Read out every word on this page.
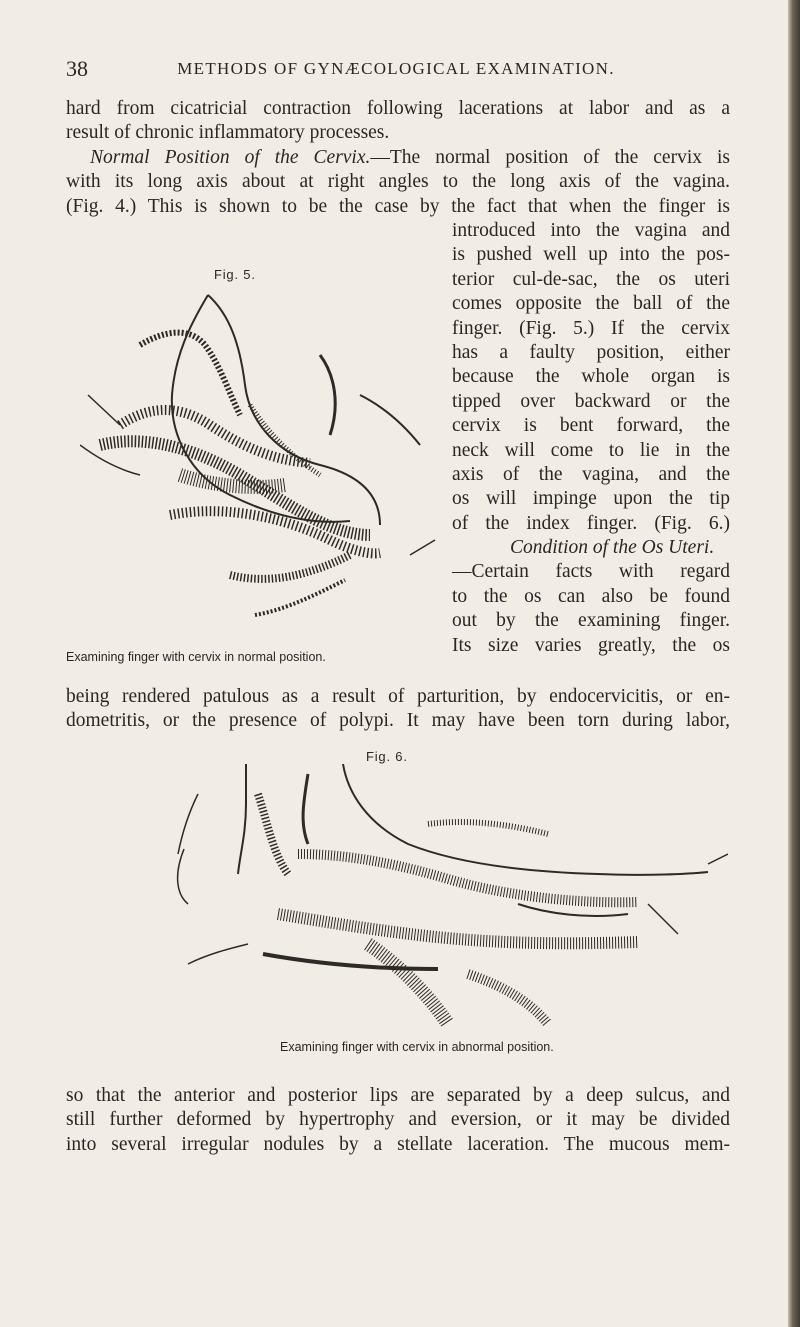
38	METHODS OF GYNÆCOLOGICAL EXAMINATION.
hard from cicatricial contraction following lacerations at labor and as a
result of chronic inflammatory processes.
Normal Position of the Cervix.—The normal position of the cervix is
with its long axis about at right angles to the long axis of the vagina.
(Fig. 4.) This is shown to be the case by the fact that when the finger is
introduced into the vagina and
is pushed well up into the pos-
terior cul-de-sac, the os uteri
comes opposite the ball of the
finger. (Fig. 5.) If the cervix
has a faulty position, either
because the whole organ is
tipped over backward or the
cervix is bent forward, the
neck will come to lie in the
axis of the vagina, and the
os will impinge upon the tip
of the index finger. (Fig. 6.)
Condition of the Os Uteri.
—Certain facts with regard
to the os can also be found
out by the examining finger.
Its size varies greatly, the os
being rendered patulous as a result of parturition, by endocervicitis, or en-
dometritis, or the presence of polypi. It may have been torn during labor,
Fig. 5.
Examining finger with cervix in normal position.
Fig. 6.
Examining finger with cervix in abnormal position.
so that the anterior and posterior lips are separated by a deep sulcus, and
still further deformed by hypertrophy and eversion, or it may be divided
into several irregular nodules by a stellate laceration. The mucous mem-
